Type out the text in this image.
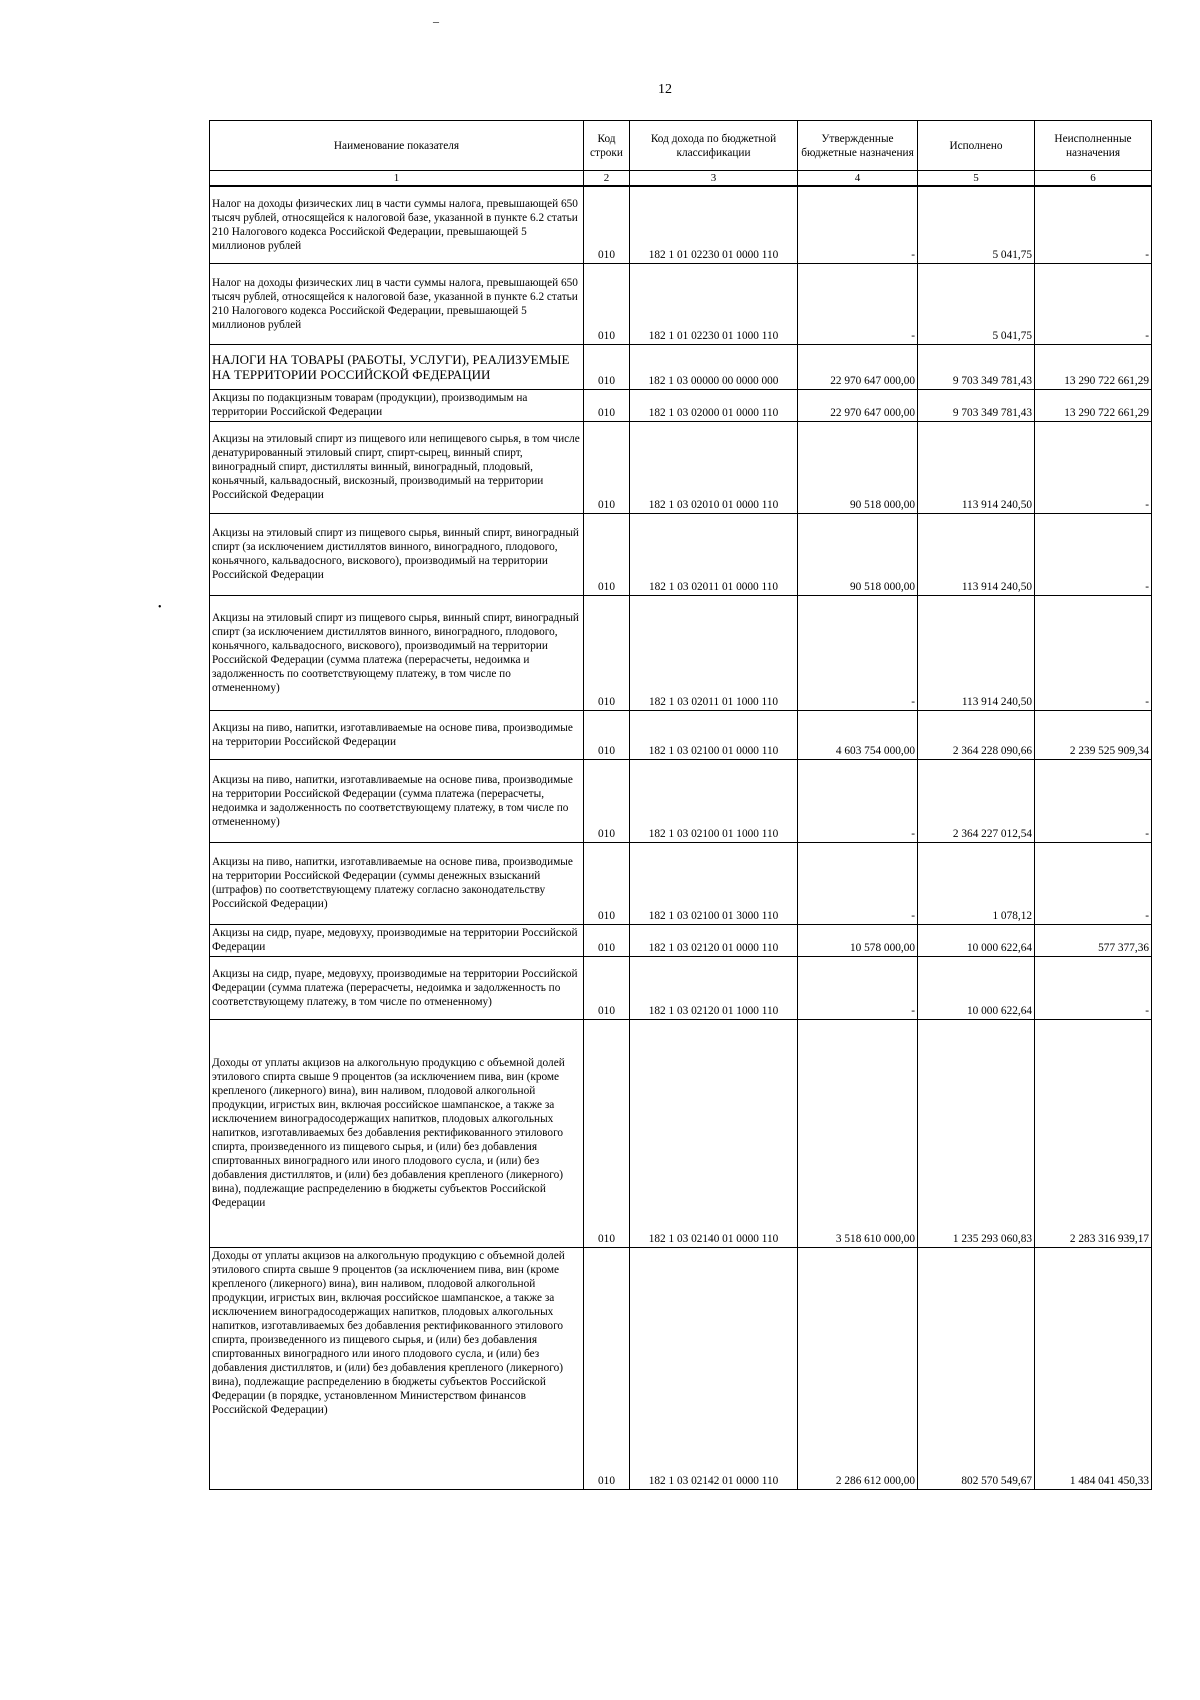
–
12
•
Наименование показателя	Код строки	Код дохода по бюджетной классификации	Утвержденные бюджетные назначения	Исполнено	Неисполненные назначения
1	2	3	4	5	6
Налог на доходы физических лиц в части суммы налога, превышающей 650 тысяч рублей, относящейся к налоговой базе, указанной в пункте 6.2 статьи 210 Налогового кодекса Российской Федерации, превышающей 5 миллионов рублей	010	182 1 01 02230 01 0000 110	-	5 041,75	-
Налог на доходы физических лиц в части суммы налога, превышающей 650 тысяч рублей, относящейся к налоговой базе, указанной в пункте 6.2 статьи 210 Налогового кодекса Российской Федерации, превышающей 5 миллионов рублей	010	182 1 01 02230 01 1000 110	-	5 041,75	-
НАЛОГИ НА ТОВАРЫ (РАБОТЫ, УСЛУГИ), РЕАЛИЗУЕМЫЕ НА ТЕРРИТОРИИ РОССИЙСКОЙ ФЕДЕРАЦИИ	010	182 1 03 00000 00 0000 000	22 970 647 000,00	9 703 349 781,43	13 290 722 661,29
Акцизы по подакцизным товарам (продукции), производимым на территории Российской Федерации	010	182 1 03 02000 01 0000 110	22 970 647 000,00	9 703 349 781,43	13 290 722 661,29
Акцизы на этиловый спирт из пищевого или непищевого сырья, в том числе денатурированный этиловый спирт, спирт-сырец, винный спирт, виноградный спирт, дистилляты винный, виноградный, плодовый, коньячный, кальвадосный, вискозный, производимый на территории Российской Федерации	010	182 1 03 02010 01 0000 110	90 518 000,00	113 914 240,50	-
Акцизы на этиловый спирт из пищевого сырья, винный спирт, виноградный спирт (за исключением дистиллятов винного, виноградного, плодового, коньячного, кальвадосного, вискового), производимый на территории Российской Федерации	010	182 1 03 02011 01 0000 110	90 518 000,00	113 914 240,50	-
Акцизы на этиловый спирт из пищевого сырья, винный спирт, виноградный спирт (за исключением дистиллятов винного, виноградного, плодового, коньячного, кальвадосного, вискового), производимый на территории Российской Федерации (сумма платежа (перерасчеты, недоимка и задолженность по соответствующему платежу, в том числе по отмененному)	010	182 1 03 02011 01 1000 110	-	113 914 240,50	-
Акцизы на пиво, напитки, изготавливаемые на основе пива, производимые на территории Российской Федерации	010	182 1 03 02100 01 0000 110	4 603 754 000,00	2 364 228 090,66	2 239 525 909,34
Акцизы на пиво, напитки, изготавливаемые на основе пива, производимые на территории Российской Федерации (сумма платежа (перерасчеты, недоимка и задолженность по соответствующему платежу, в том числе по отмененному)	010	182 1 03 02100 01 1000 110	-	2 364 227 012,54	-
Акцизы на пиво, напитки, изготавливаемые на основе пива, производимые на территории Российской Федерации (суммы денежных взысканий (штрафов) по соответствующему платежу согласно законодательству Российской Федерации)	010	182 1 03 02100 01 3000 110	-	1 078,12	-
Акцизы на сидр, пуаре, медовуху, производимые на территории Российской Федерации	010	182 1 03 02120 01 0000 110	10 578 000,00	10 000 622,64	577 377,36
Акцизы на сидр, пуаре, медовуху, производимые на территории Российской Федерации (сумма платежа (перерасчеты, недоимка и задолженность по соответствующему платежу, в том числе по отмененному)	010	182 1 03 02120 01 1000 110	-	10 000 622,64	-
Доходы от уплаты акцизов на алкогольную продукцию с объемной долей этилового спирта свыше 9 процентов (за исключением пива, вин (кроме крепленого (ликерного) вина), вин наливом, плодовой алкогольной продукции, игристых вин, включая российское шампанское, а также за исключением виноградосодержащих напитков, плодовых алкогольных напитков, изготавливаемых без добавления ректификованного этилового спирта, произведенного из пищевого сырья, и (или) без добавления спиртованных виноградного или иного плодового сусла, и (или) без добавления дистиллятов, и (или) без добавления крепленого (ликерного) вина), подлежащие распределению в бюджеты субъектов Российской Федерации	010	182 1 03 02140 01 0000 110	3 518 610 000,00	1 235 293 060,83	2 283 316 939,17
Доходы от уплаты акцизов на алкогольную продукцию с объемной долей этилового спирта свыше 9 процентов (за исключением пива, вин (кроме крепленого (ликерного) вина), вин наливом, плодовой алкогольной продукции, игристых вин, включая российское шампанское, а также за исключением виноградосодержащих напитков, плодовых алкогольных напитков, изготавливаемых без добавления ректификованного этилового спирта, произведенного из пищевого сырья, и (или) без добавления спиртованных виноградного или иного плодового сусла, и (или) без добавления дистиллятов, и (или) без добавления крепленого (ликерного) вина), подлежащие распределению в бюджеты субъектов Российской Федерации (в порядке, установленном Министерством финансов Российской Федерации)	010	182 1 03 02142 01 0000 110	2 286 612 000,00	802 570 549,67	1 484 041 450,33
